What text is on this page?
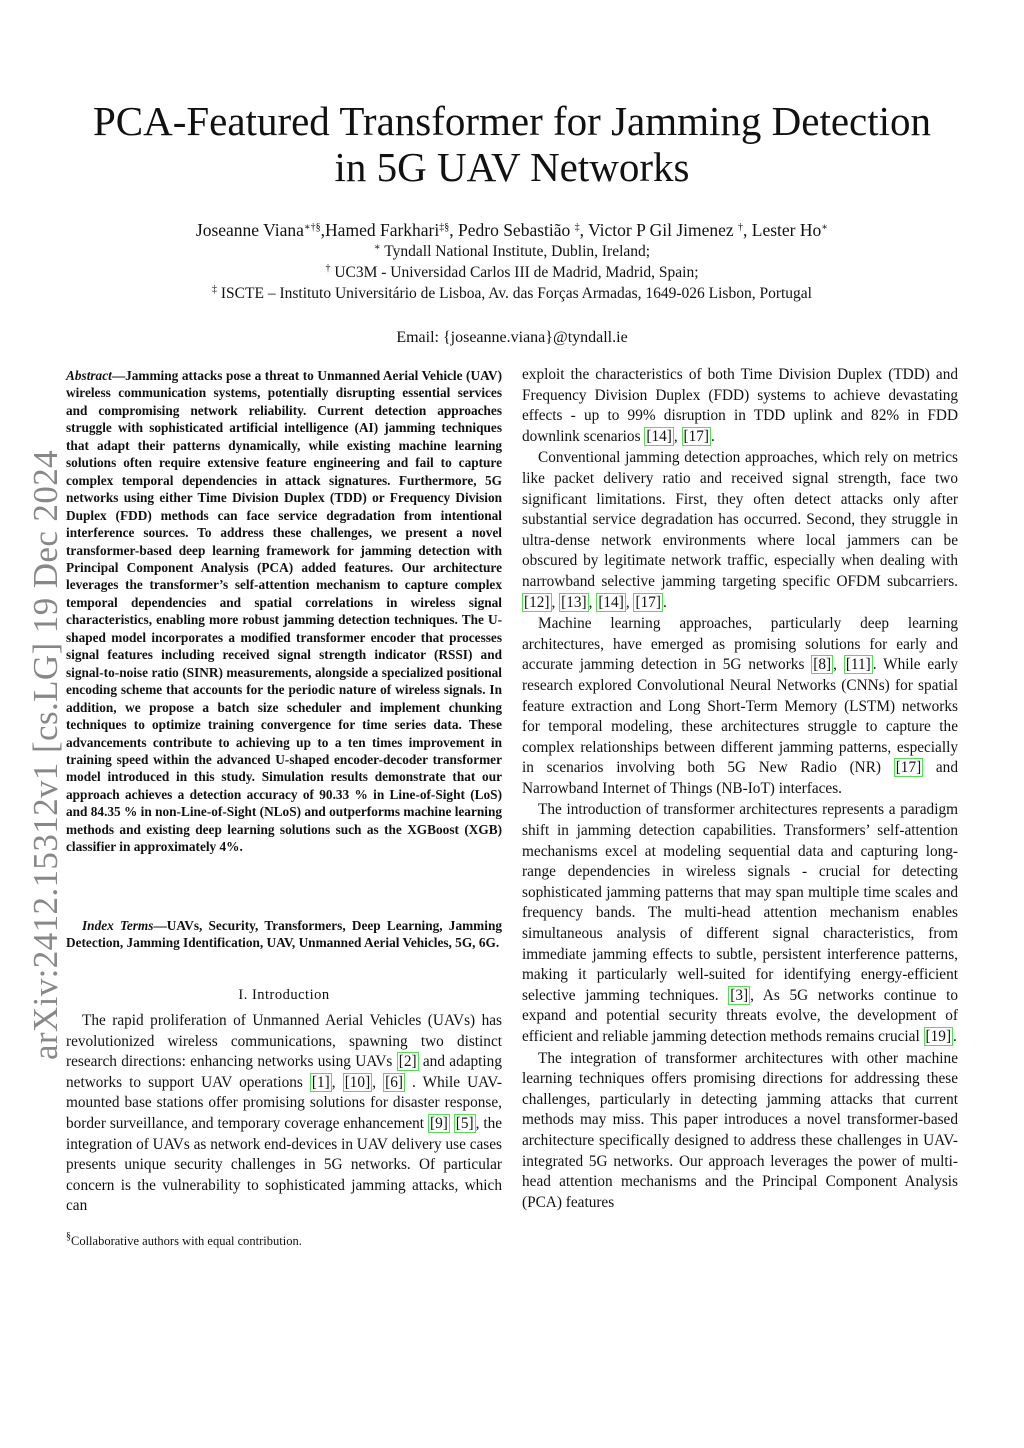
arXiv:2412.15312v1 [cs.LG] 19 Dec 2024
PCA-Featured Transformer for Jamming Detection
in 5G UAV Networks
Joseanne Viana∗†§,Hamed Farkhari‡§, Pedro Sebastião ‡, Victor P Gil Jimenez †, Lester Ho∗
∗ Tyndall National Institute, Dublin, Ireland;
† UC3M - Universidad Carlos III de Madrid, Madrid, Spain;
‡ ISCTE – Instituto Universitário de Lisboa, Av. das Forças Armadas, 1649-026 Lisbon, Portugal
Email: {joseanne.viana}@tyndall.ie
Abstract—Jamming attacks pose a threat to Unmanned Aerial Vehicle (UAV) wireless communication systems, potentially disrupting essential services and compromising network reliability. Current detection approaches struggle with sophisticated artificial intelligence (AI) jamming techniques that adapt their patterns dynamically, while existing machine learning solutions often require extensive feature engineering and fail to capture complex temporal dependencies in attack signatures. Furthermore, 5G networks using either Time Division Duplex (TDD) or Frequency Division Duplex (FDD) methods can face service degradation from intentional interference sources. To address these challenges, we present a novel transformer-based deep learning framework for jamming detection with Principal Component Analysis (PCA) added features. Our architecture leverages the transformer’s self-attention mechanism to capture complex temporal dependencies and spatial correlations in wireless signal characteristics, enabling more robust jamming detection techniques. The U-shaped model incorporates a modified transformer encoder that processes signal features including received signal strength indicator (RSSI) and signal-to-noise ratio (SINR) measurements, alongside a specialized positional encoding scheme that accounts for the periodic nature of wireless signals. In addition, we propose a batch size scheduler and implement chunking techniques to optimize training convergence for time series data. These advancements contribute to achieving up to a ten times improvement in training speed within the advanced U-shaped encoder-decoder transformer model introduced in this study. Simulation results demonstrate that our approach achieves a detection accuracy of 90.33 % in Line-of-Sight (LoS) and 84.35 % in non-Line-of-Sight (NLoS) and outperforms machine learning methods and existing deep learning solutions such as the XGBoost (XGB) classifier in approximately 4%.
Index Terms—UAVs, Security, Transformers, Deep Learning, Jamming Detection, Jamming Identification, UAV, Unmanned Aerial Vehicles, 5G, 6G.
I. Introduction

The rapid proliferation of Unmanned Aerial Vehicles (UAVs) has revolutionized wireless communications, spawning two distinct research directions: enhancing networks using UAVs [2] and adapting networks to support UAV operations [1] , [10] , [6] . While UAV-mounted base stations offer promising solutions for disaster response, border surveillance, and temporary coverage enhancement [9] [5] , the integration of UAVs as network end-devices in UAV delivery use cases presents unique security challenges in 5G networks. Of particular concern is the vulnerability to sophisticated jamming attacks, which can

§Collaborative authors with equal contribution.

exploit the characteristics of both Time Division Duplex (TDD) and Frequency Division Duplex (FDD) systems to achieve devastating effects - up to 99% disruption in TDD uplink and 82% in FDD downlink scenarios [14] , [17] .

Conventional jamming detection approaches, which rely on metrics like packet delivery ratio and received signal strength, face two significant limitations. First, they often detect attacks only after substantial service degradation has occurred. Second, they struggle in ultra-dense network environments where local jammers can be obscured by legitimate network traffic, especially when dealing with narrowband selective jamming targeting specific OFDM subcarriers. [12] , [13] , [14] , [17] .

Machine learning approaches, particularly deep learning architectures, have emerged as promising solutions for early and accurate jamming detection in 5G networks [8] , [11] . While early research explored Convolutional Neural Networks (CNNs) for spatial feature extraction and Long Short-Term Memory (LSTM) networks for temporal modeling, these architectures struggle to capture the complex relationships between different jamming patterns, especially in scenarios involving both 5G New Radio (NR) [17] and Narrowband Internet of Things (NB-IoT) interfaces.

The introduction of transformer architectures represents a paradigm shift in jamming detection capabilities. Transformers’ self-attention mechanisms excel at modeling sequential data and capturing long-range dependencies in wireless signals - crucial for detecting sophisticated jamming patterns that may span multiple time scales and frequency bands. The multi-head attention mechanism enables simultaneous analysis of different signal characteristics, from immediate jamming effects to subtle, persistent interference patterns, making it particularly well-suited for identifying energy-efficient selective jamming techniques. [3] , As 5G networks continue to expand and potential security threats evolve, the development of efficient and reliable jamming detection methods remains crucial [19] .

The integration of transformer architectures with other machine learning techniques offers promising directions for addressing these challenges, particularly in detecting jamming attacks that current methods may miss. This paper introduces a novel transformer-based architecture specifically designed to address these challenges in UAV-integrated 5G networks. Our approach leverages the power of multi-head attention mechanisms and the Principal Component Analysis (PCA) features
